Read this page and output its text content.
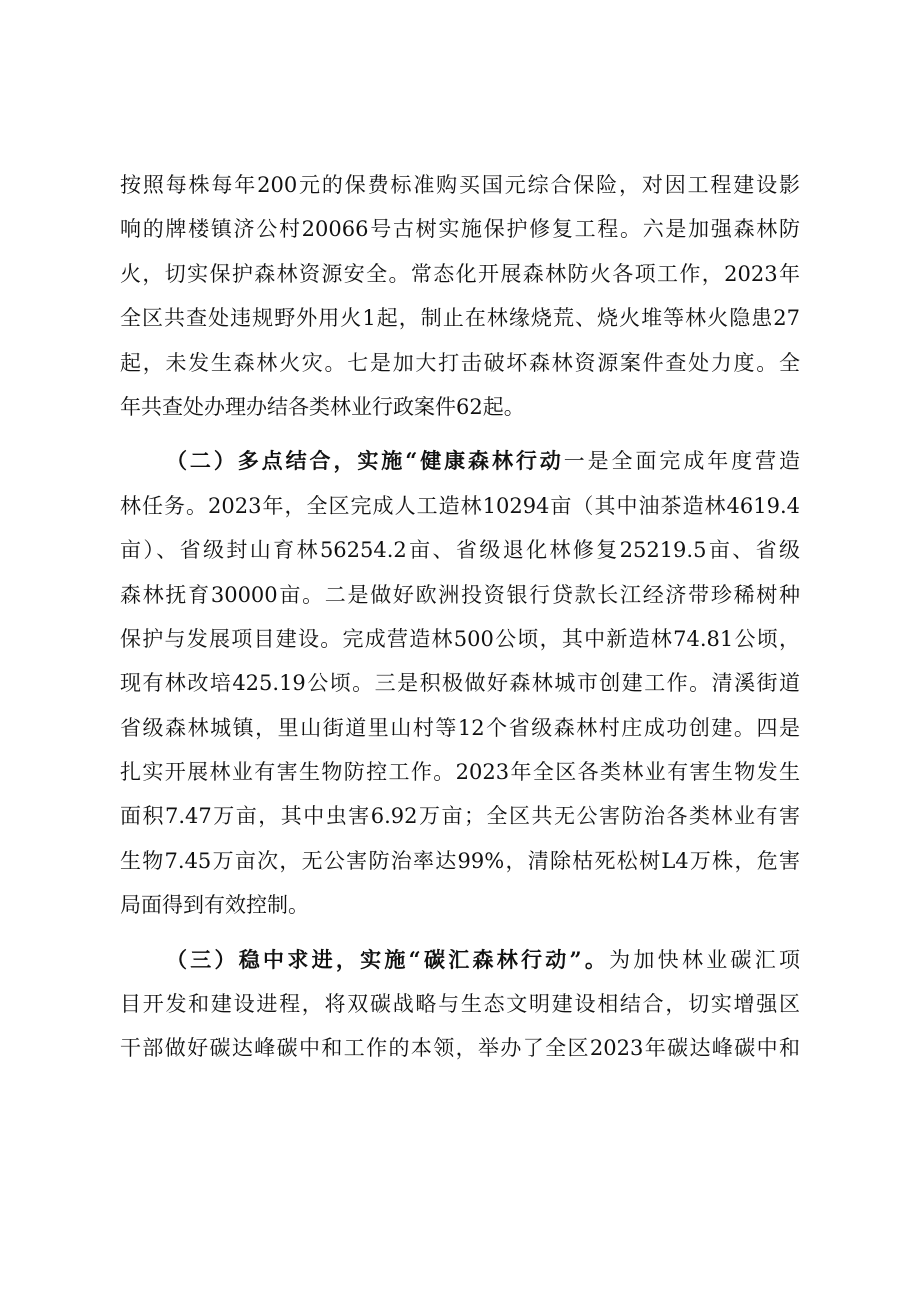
按照每株每年200元的保费标准购买国元综合保险，对因工程建设影
响的牌楼镇济公村20066号古树实施保护修复工程。六是加强森林防
火，切实保护森林资源安全。常态化开展森林防火各项工作，2023年
全区共查处违规野外用火1起，制止在林缘烧荒、烧火堆等林火隐患27
起，未发生森林火灾。七是加大打击破坏森林资源案件查处力度。全
年共查处办理办结各类林业行政案件62起。
（二）多点结合，实施“健康森林行动一是全面完成年度营造
林任务。2023年，全区完成人工造林10294亩（其中油茶造林4619.4
亩）、省级封山育林56254.2亩、省级退化林修复25219.5亩、省级
森林抚育30000亩。二是做好欧洲投资银行贷款长江经济带珍稀树种
保护与发展项目建设。完成营造林500公顷，其中新造林74.81公顷，
现有林改培425.19公顷。三是积极做好森林城市创建工作。清溪街道
省级森林城镇，里山街道里山村等12个省级森林村庄成功创建。四是
扎实开展林业有害生物防控工作。2023年全区各类林业有害生物发生
面积7.47万亩，其中虫害6.92万亩；全区共无公害防治各类林业有害
生物7.45万亩次，无公害防治率达99%，清除枯死松树L4万株，危害
局面得到有效控制。
（三）稳中求进，实施“碳汇森林行动”。为加快林业碳汇项
目开发和建设进程，将双碳战略与生态文明建设相结合，切实增强区
干部做好碳达峰碳中和工作的本领，举办了全区2023年碳达峰碳中和
